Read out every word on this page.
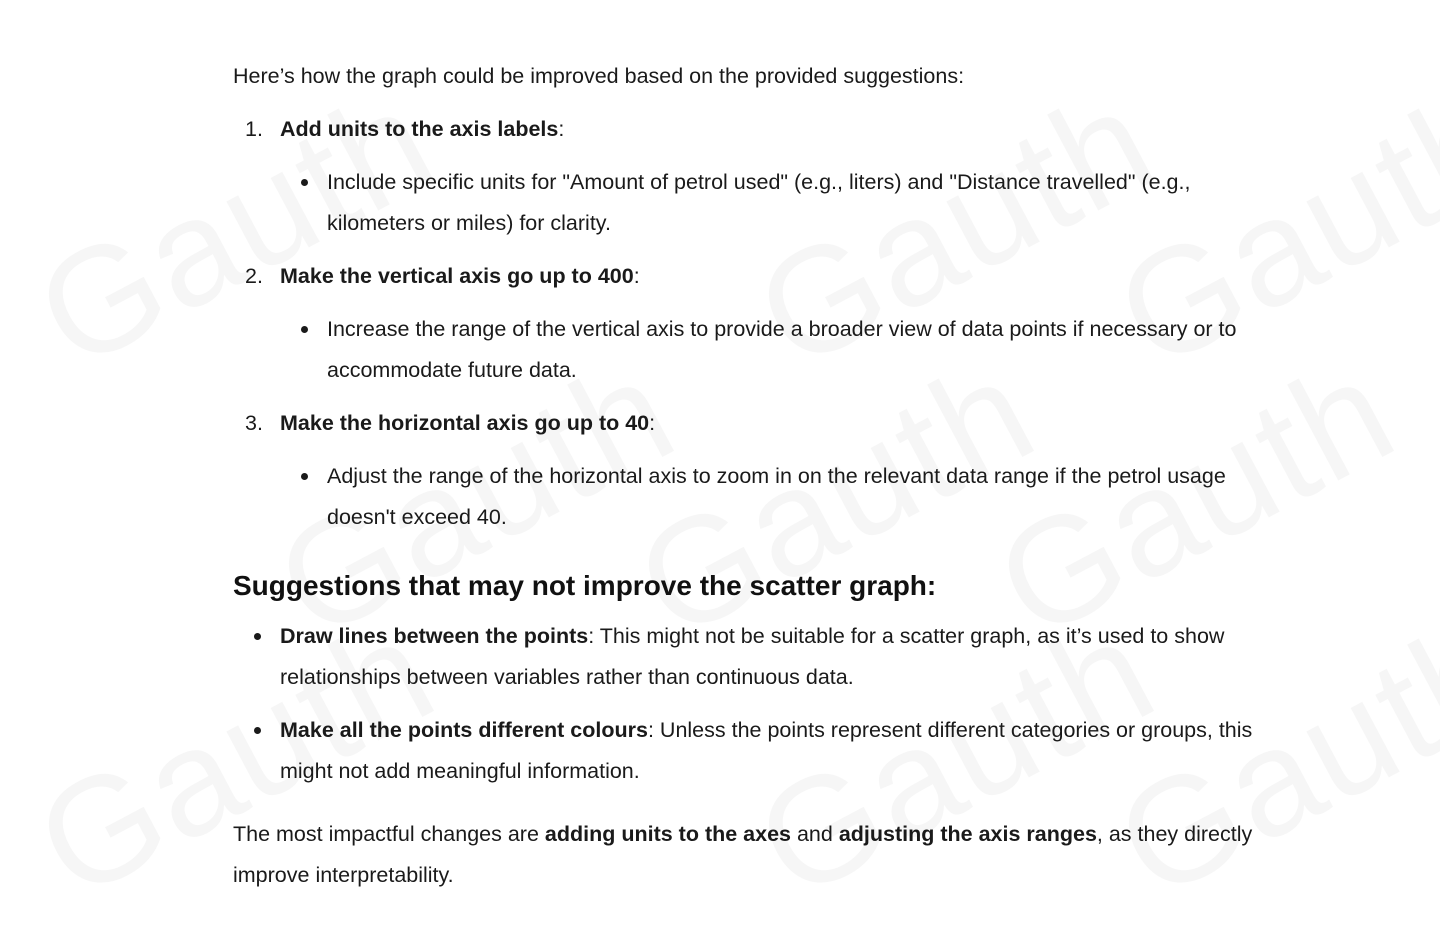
Here’s how the graph could be improved based on the provided suggestions:

1. Add units to the axis labels:
Include specific units for "Amount of petrol used" (e.g., liters) and "Distance travelled" (e.g., kilometers or miles) for clarity.
2. Make the vertical axis go up to 400:
Increase the range of the vertical axis to provide a broader view of data points if necessary or to accommodate future data.
3. Make the horizontal axis go up to 40:
Adjust the range of the horizontal axis to zoom in on the relevant data range if the petrol usage doesn't exceed 40.
Suggestions that may not improve the scatter graph:
Draw lines between the points: This might not be suitable for a scatter graph, as it’s used to show relationships between variables rather than continuous data.
Make all the points different colours: Unless the points represent different categories or groups, this might not add meaningful information.

The most impactful changes are adding units to the axes and adjusting the axis ranges, as they directly improve interpretability.
